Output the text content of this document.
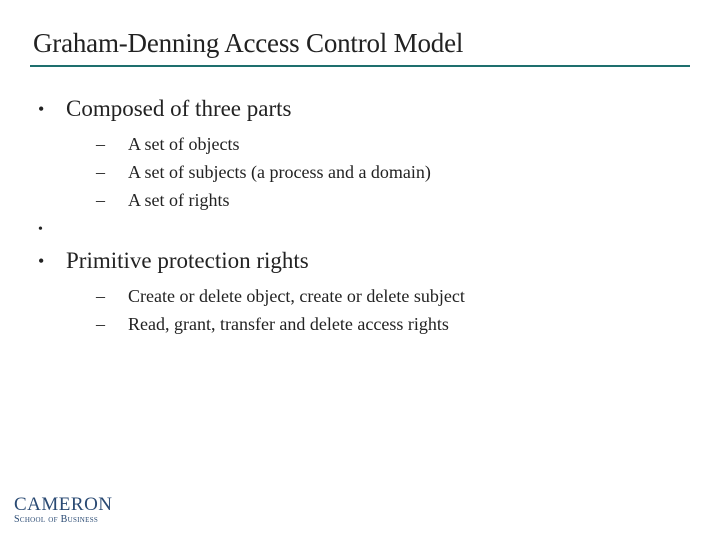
Graham-Denning Access Control Model
• Composed of three parts
– A set of objects
– A set of subjects (a process and a domain)
– A set of rights
•
• Primitive protection rights
– Create or delete object, create or delete subject
– Read, grant, transfer and delete access rights
CAMERON
School of Business
